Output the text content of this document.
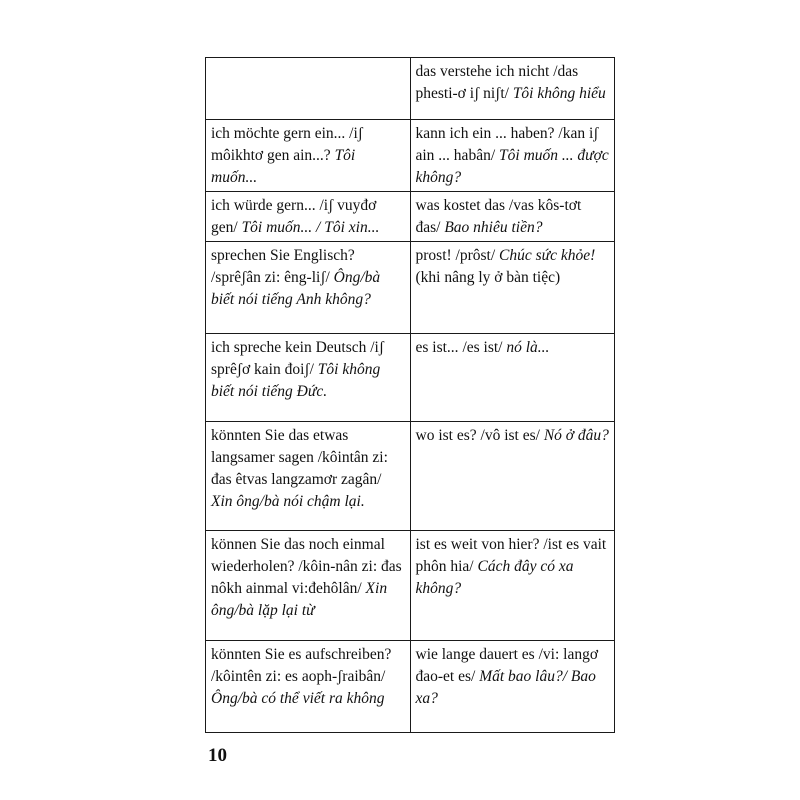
	das verstehe ich nicht /das phesti-ơ iʃ niʃt/ Tôi không hiểu
ich möchte gern ein... /iʃ môikhtơ gen ain...? Tôi muốn...	kann ich ein ... haben? /kan iʃ ain ... habân/ Tôi muốn ... được không?
ich würde gern... /iʃ vuyđơ gen/ Tôi muốn... / Tôi xin...	was kostet das /vas kôs-tơt đas/ Bao nhiêu tiền?
sprechen Sie Englisch? /sprêʃân zi: êng-liʃ/ Ông/bà biết nói tiếng Anh không?	prost! /prôst/ Chúc sức khỏe! (khi nâng ly ở bàn tiệc)
ich spreche kein Deutsch /iʃ sprêʃơ kain đoiʃ/ Tôi không biết nói tiếng Đức.	es ist... /es ist/ nó là...
könnten Sie das etwas langsamer sagen /kôintân zi: đas êtvas langzamơr zagân/ Xin ông/bà nói chậm lại.	wo ist es? /vô ist es/ Nó ở đâu?
können Sie das noch einmal wiederholen? /kôin-nân zi: đas nôkh ainmal vi:đehôlân/ Xin ông/bà lặp lại từ	ist es weit von hier? /ist es vait phôn hia/ Cách đây có xa không?
könnten Sie es aufschreiben? /kôintên zi: es aoph-ʃraibân/ Ông/bà có thể viết ra không	wie lange dauert es /vi: langơ đao-et es/ Mất bao lâu?/ Bao xa?
10
